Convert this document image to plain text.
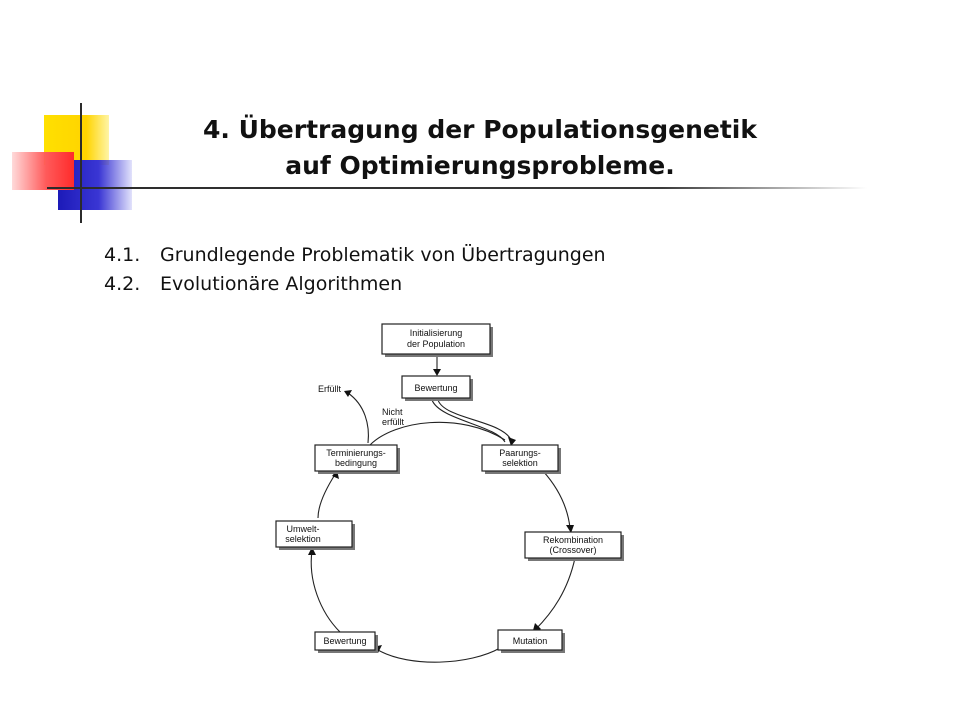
4. Übertragung der Populationsgenetik
auf Optimierungsprobleme.
4.1.	Grundlegende Problematik von Übertragungen
4.2.	Evolutionäre Algorithmen
Initialisierung
der Population
Bewertung
Paarungs-
selektion
Rekombination
(Crossover)
Mutation
Bewertung
Umwelt-
selektion
Terminierungs-
bedingung
Erfüllt
Nicht
erfüllt
